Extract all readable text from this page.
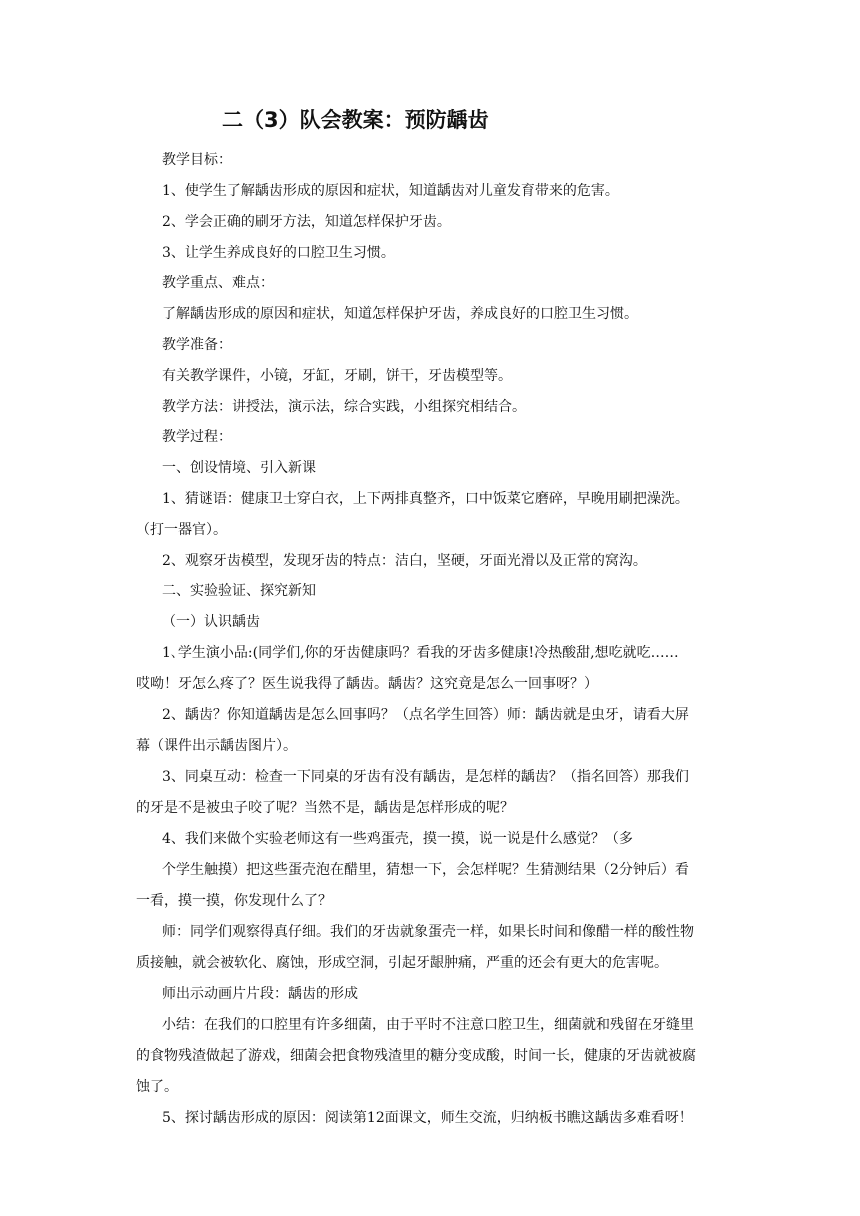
二（3）队会教案：预防龋齿
教学目标：
1、使学生了解龋齿形成的原因和症状，知道龋齿对儿童发育带来的危害。
2、学会正确的刷牙方法，知道怎样保护牙齿。
3、让学生养成良好的口腔卫生习惯。
教学重点、难点：
了解龋齿形成的原因和症状，知道怎样保护牙齿，养成良好的口腔卫生习惯。
教学准备：
有关教学课件，小镜，牙缸，牙刷，饼干，牙齿模型等。
教学方法：讲授法，演示法，综合实践，小组探究相结合。
教学过程：
一、创设情境、引入新课
1、猜谜语：健康卫士穿白衣，上下两排真整齐，口中饭菜它磨碎，早晚用刷把澡洗。
（打一器官）。
2、观察牙齿模型，发现牙齿的特点：洁白，坚硬，牙面光滑以及正常的窝沟。
二、实验验证、探究新知
（一）认识龋齿
1､学生演小品:(同学们,你的牙齿健康吗？看我的牙齿多健康!冷热酸甜,想吃就吃……
哎呦！牙怎么疼了？医生说我得了龋齿。龋齿？这究竟是怎么一回事呀？）
2、龋齿？你知道龋齿是怎么回事吗？（点名学生回答）师：龋齿就是虫牙，请看大屏
幕（课件出示龋齿图片）。
3、同桌互动：检查一下同桌的牙齿有没有龋齿，是怎样的龋齿？（指名回答）那我们
的牙是不是被虫子咬了呢？当然不是，龋齿是怎样形成的呢？
4、我们来做个实验老师这有一些鸡蛋壳，摸一摸，说一说是什么感觉？（多
个学生触摸）把这些蛋壳泡在醋里，猜想一下，会怎样呢？生猜测结果（2分钟后）看
一看，摸一摸，你发现什么了？
师：同学们观察得真仔细。我们的牙齿就象蛋壳一样，如果长时间和像醋一样的酸性物
质接触，就会被软化、腐蚀，形成空洞，引起牙龈肿痛，严重的还会有更大的危害呢。
师出示动画片片段：龋齿的形成
小结：在我们的口腔里有许多细菌，由于平时不注意口腔卫生，细菌就和残留在牙缝里
的食物残渣做起了游戏，细菌会把食物残渣里的糖分变成酸，时间一长，健康的牙齿就被腐
蚀了。
5、探讨龋齿形成的原因：阅读第12面课文，师生交流，归纳板书瞧这龋齿多难看呀！
